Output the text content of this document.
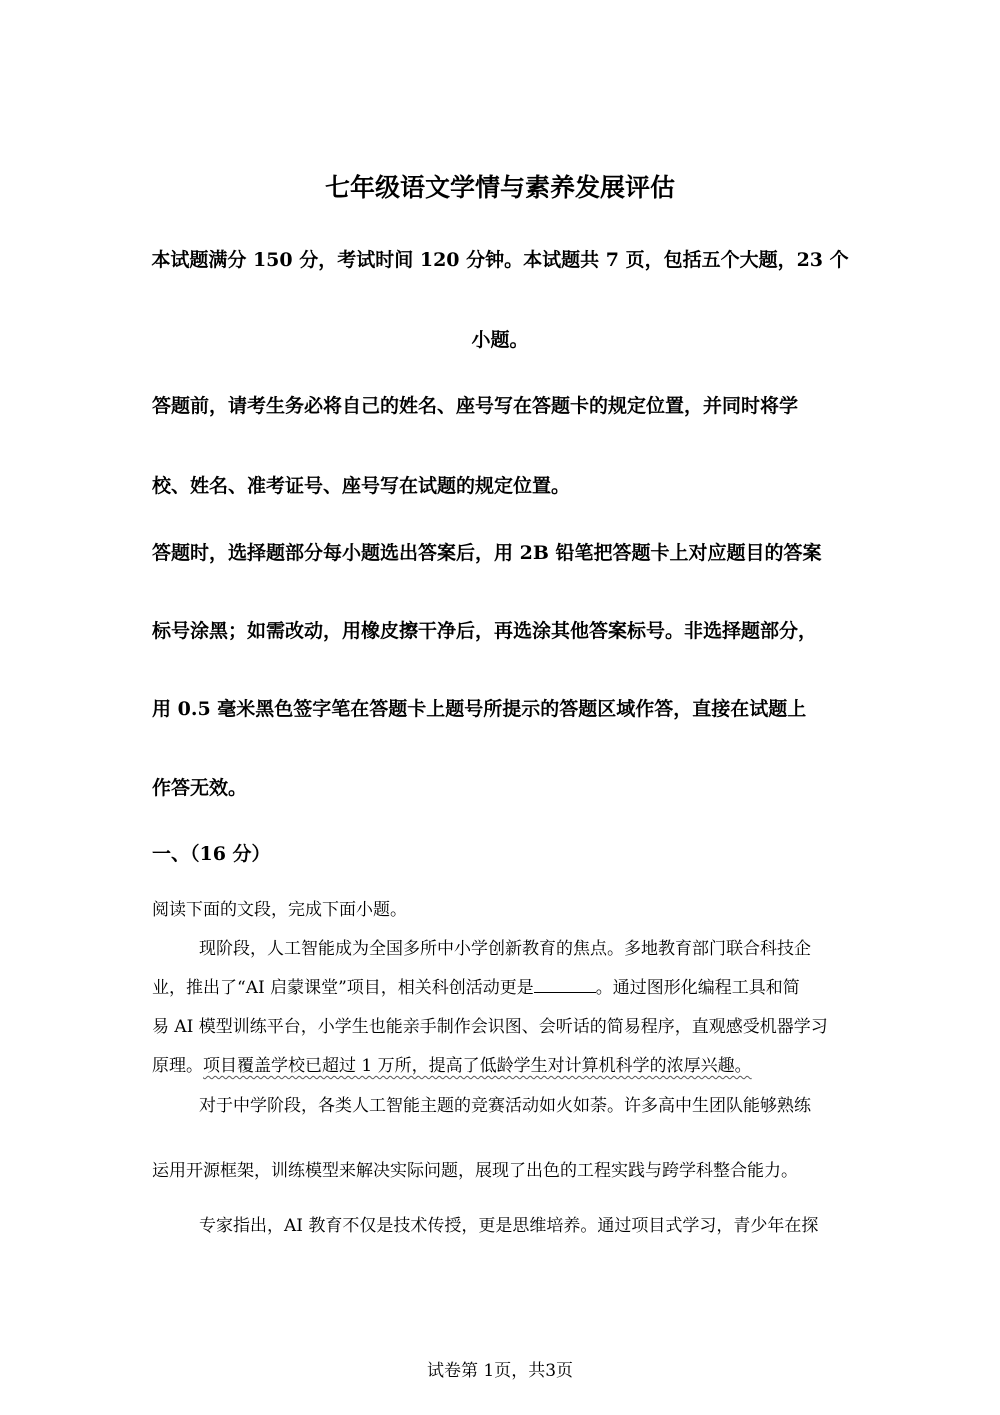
七年级语文学情与素养发展评估
本试题满分 150 分，考试时间 120 分钟。本试题共 7 页，包括五个大题，23 个
小题。
答题前，请考生务必将自己的姓名、座号写在答题卡的规定位置，并同时将学
校、姓名、准考证号、座号写在试题的规定位置。
答题时，选择题部分每小题选出答案后，用 2B 铅笔把答题卡上对应题目的答案
标号涂黑；如需改动，用橡皮擦干净后，再选涂其他答案标号。非选择题部分，
用 0.5 毫米黑色签字笔在答题卡上题号所提示的答题区域作答，直接在试题上
作答无效。
一、（16 分）
阅读下面的文段，完成下面小题。
现阶段，人工智能成为全国多所中小学创新教育的焦点。多地教育部门联合科技企
业，推出了“AI 启蒙课堂”项目，相关科创活动更是	。通过图形化编程工具和简
易 AI 模型训练平台，小学生也能亲手制作会识图、会听话的简易程序，直观感受机器学习
原理。项目覆盖学校已超过 1 万所，提高了低龄学生对计算机科学的浓厚兴趣。
对于中学阶段，各类人工智能主题的竞赛活动如火如荼。许多高中生团队能够熟练
运用开源框架，训练模型来解决实际问题，展现了出色的工程实践与跨学科整合能力。
专家指出，AI 教育不仅是技术传授，更是思维培养。通过项目式学习，青少年在探
试卷第 1页，共3页
